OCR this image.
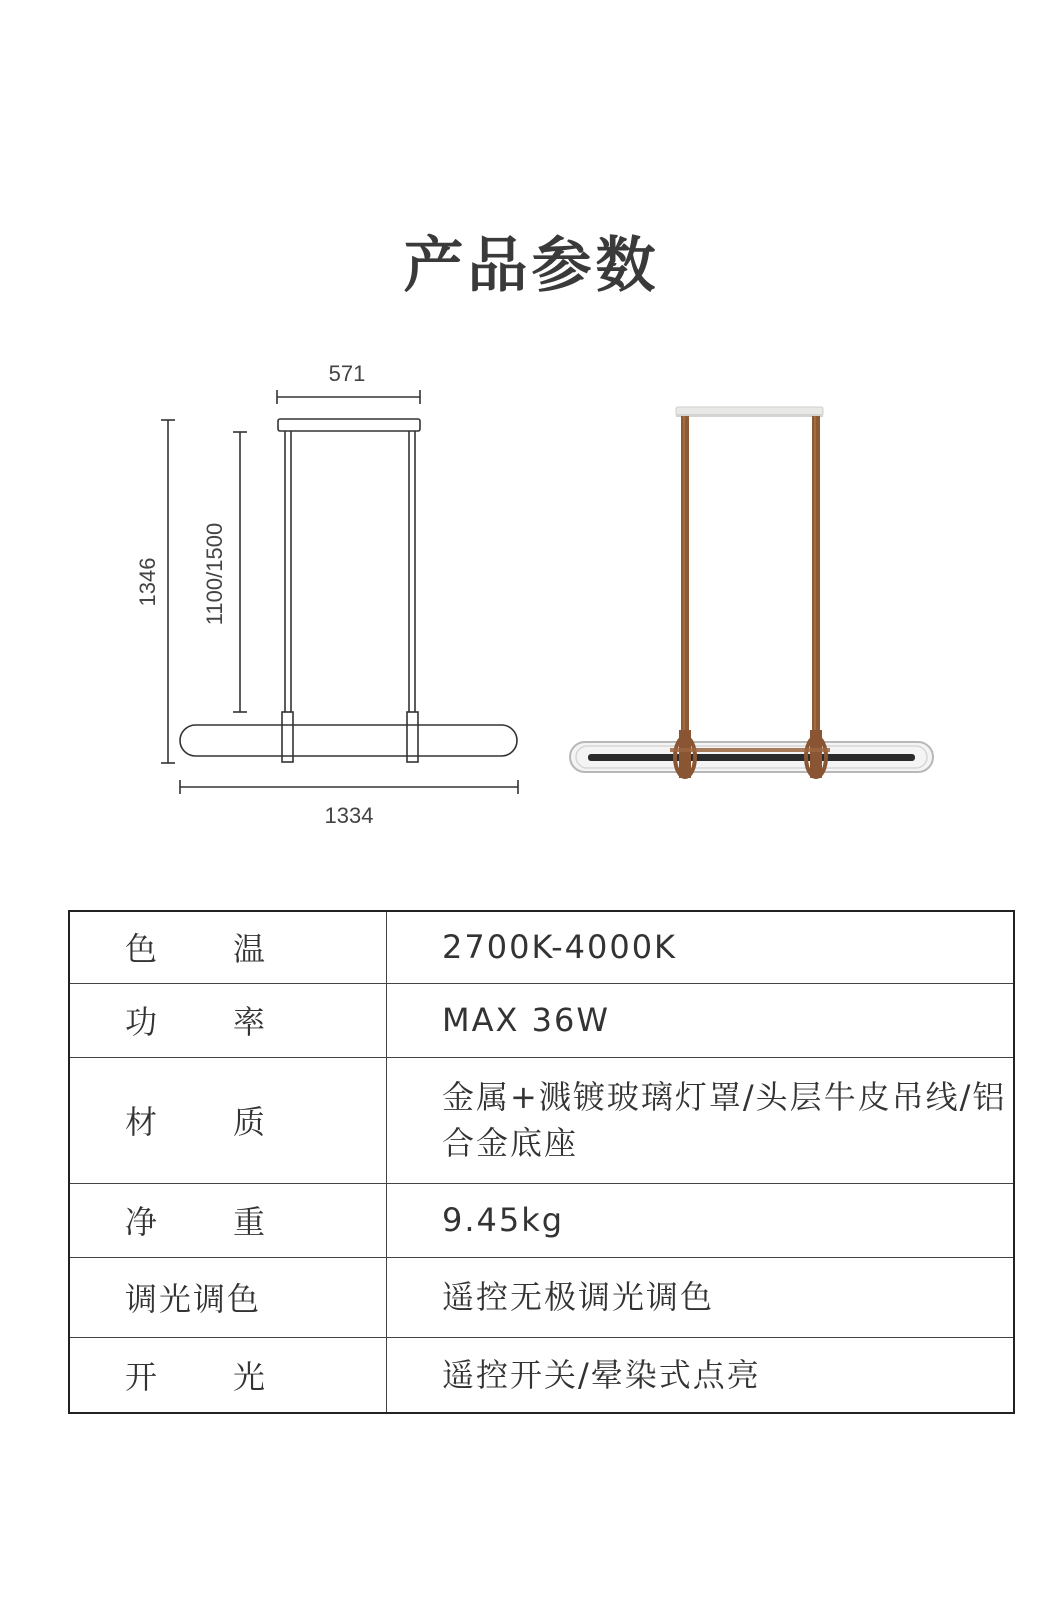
产品参数
571
1346 1100/1500
1334
色 温	2700K-4000K

功 率	MAX 36W

材 质	金属+溅镀玻璃灯罩/头层牛皮吊线/铝合金底座

净 重	9.45kg

调光调色	遥控无极调光调色

开 光	遥控开关/晕染式点亮
